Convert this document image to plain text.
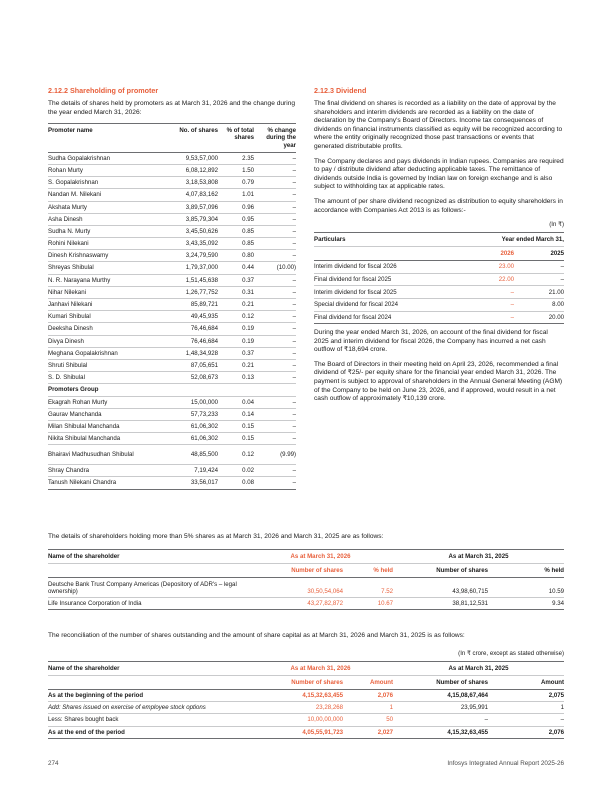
2.12.2 Shareholding of promoter
The details of shares held by promoters as at March 31, 2026 and the change during the year ended March 31, 2026:
Promoter name	No. of shares	% of total shares	% change during the year
Sudha Gopalakrishnan	9,53,57,000	2.35	–
Rohan Murty	6,08,12,892	1.50	–
S. Gopalakrishnan	3,18,53,808	0.79	–
Nandan M. Nilekani	4,07,83,162	1.01	–
Akshata Murty	3,89,57,096	0.96	–
Asha Dinesh	3,85,79,304	0.95	–
Sudha N. Murty	3,45,50,626	0.85	–
Rohini Nilekani	3,43,35,092	0.85	–
Dinesh Krishnaswamy	3,24,79,590	0.80	–
Shreyas Shibulal	1,79,37,000	0.44	(10.00)
N. R. Narayana Murthy	1,51,45,638	0.37	–
Nihar Nilekani	1,26,77,752	0.31	–
Janhavi Nilekani	85,89,721	0.21	–
Kumari Shibulal	49,45,935	0.12	–
Deeksha Dinesh	76,46,684	0.19	–
Divya Dinesh	76,46,684	0.19	–
Meghana Gopalakrishnan	1,48,34,928	0.37	–
Shruti Shibulal	87,05,651	0.21	–
S. D. Shibulal	52,08,673	0.13	–
Promoters Group			
Ekagrah Rohan Murty	15,00,000	0.04	–
Gaurav Manchanda	57,73,233	0.14	–
Milan Shibulal Manchanda	61,06,302	0.15	–
Nikita Shibulal Manchanda	61,06,302	0.15	–
Bhairavi Madhusudhan Shibulal	48,85,500	0.12	(9.99)
Shray Chandra	7,19,424	0.02	–
Tanush Nilekani Chandra	33,56,017	0.08	–
2.12.3 Dividend
The final dividend on shares is recorded as a liability on the date of approval by the shareholders and interim dividends are recorded as a liability on the date of declaration by the Company's Board of Directors. Income tax consequences of dividends on financial instruments classified as equity will be recognized according to where the entity originally recognized those past transactions or events that generated distributable profits.
The Company declares and pays dividends in Indian rupees. Companies are required to pay / distribute dividend after deducting applicable taxes. The remittance of dividends outside India is governed by Indian law on foreign exchange and is also subject to withholding tax at applicable rates.
The amount of per share dividend recognized as distribution to equity shareholders in accordance with Companies Act 2013 is as follows:-
(In ₹)
Particulars	Year ended March 31,	
	2026	2025
Interim dividend for fiscal 2026	23.00	–
Final dividend for fiscal 2025	22.00	–
Interim dividend for fiscal 2025	–	21.00
Special dividend for fiscal 2024	–	8.00
Final dividend for fiscal 2024	–	20.00
During the year ended March 31, 2026, on account of the final dividend for fiscal 2025 and interim dividend for fiscal 2026, the Company has incurred a net cash outflow of ₹18,694 crore.
The Board of Directors in their meeting held on April 23, 2026, recommended a final dividend of ₹25/- per equity share for the financial year ended March 31, 2026. The payment is subject to approval of shareholders in the Annual General Meeting (AGM) of the Company to be held on June 23, 2026, and if approved, would result in a net cash outflow of approximately ₹10,139 crore.
The details of shareholders holding more than 5% shares as at March 31, 2026 and March 31, 2025 are as follows:
Name of the shareholder	As at March 31, 2026		As at March 31, 2025	
	Number of shares	% held	Number of shares	% held
Deutsche Bank Trust Company Americas (Depository of ADR's – legal ownership)	30,50,54,064	7.52	43,98,60,715	10.59
Life Insurance Corporation of India	43,27,82,872	10.67	38,81,12,531	9.34
The reconciliation of the number of shares outstanding and the amount of share capital as at March 31, 2026 and March 31, 2025 is as follows:
(In ₹ crore, except as stated otherwise)
Name of the shareholder	As at March 31, 2026		As at March 31, 2025	
	Number of shares	Amount	Number of shares	Amount
As at the beginning of the period	4,15,32,63,455	2,076	4,15,08,67,464	2,075
Add: Shares issued on exercise of employee stock options	23,28,268	1	23,95,991	1
Less: Shares bought back	10,00,00,000	50	–	–
As at the end of the period	4,05,55,91,723	2,027	4,15,32,63,455	2,076
274	Infosys Integrated Annual Report 2025-26
